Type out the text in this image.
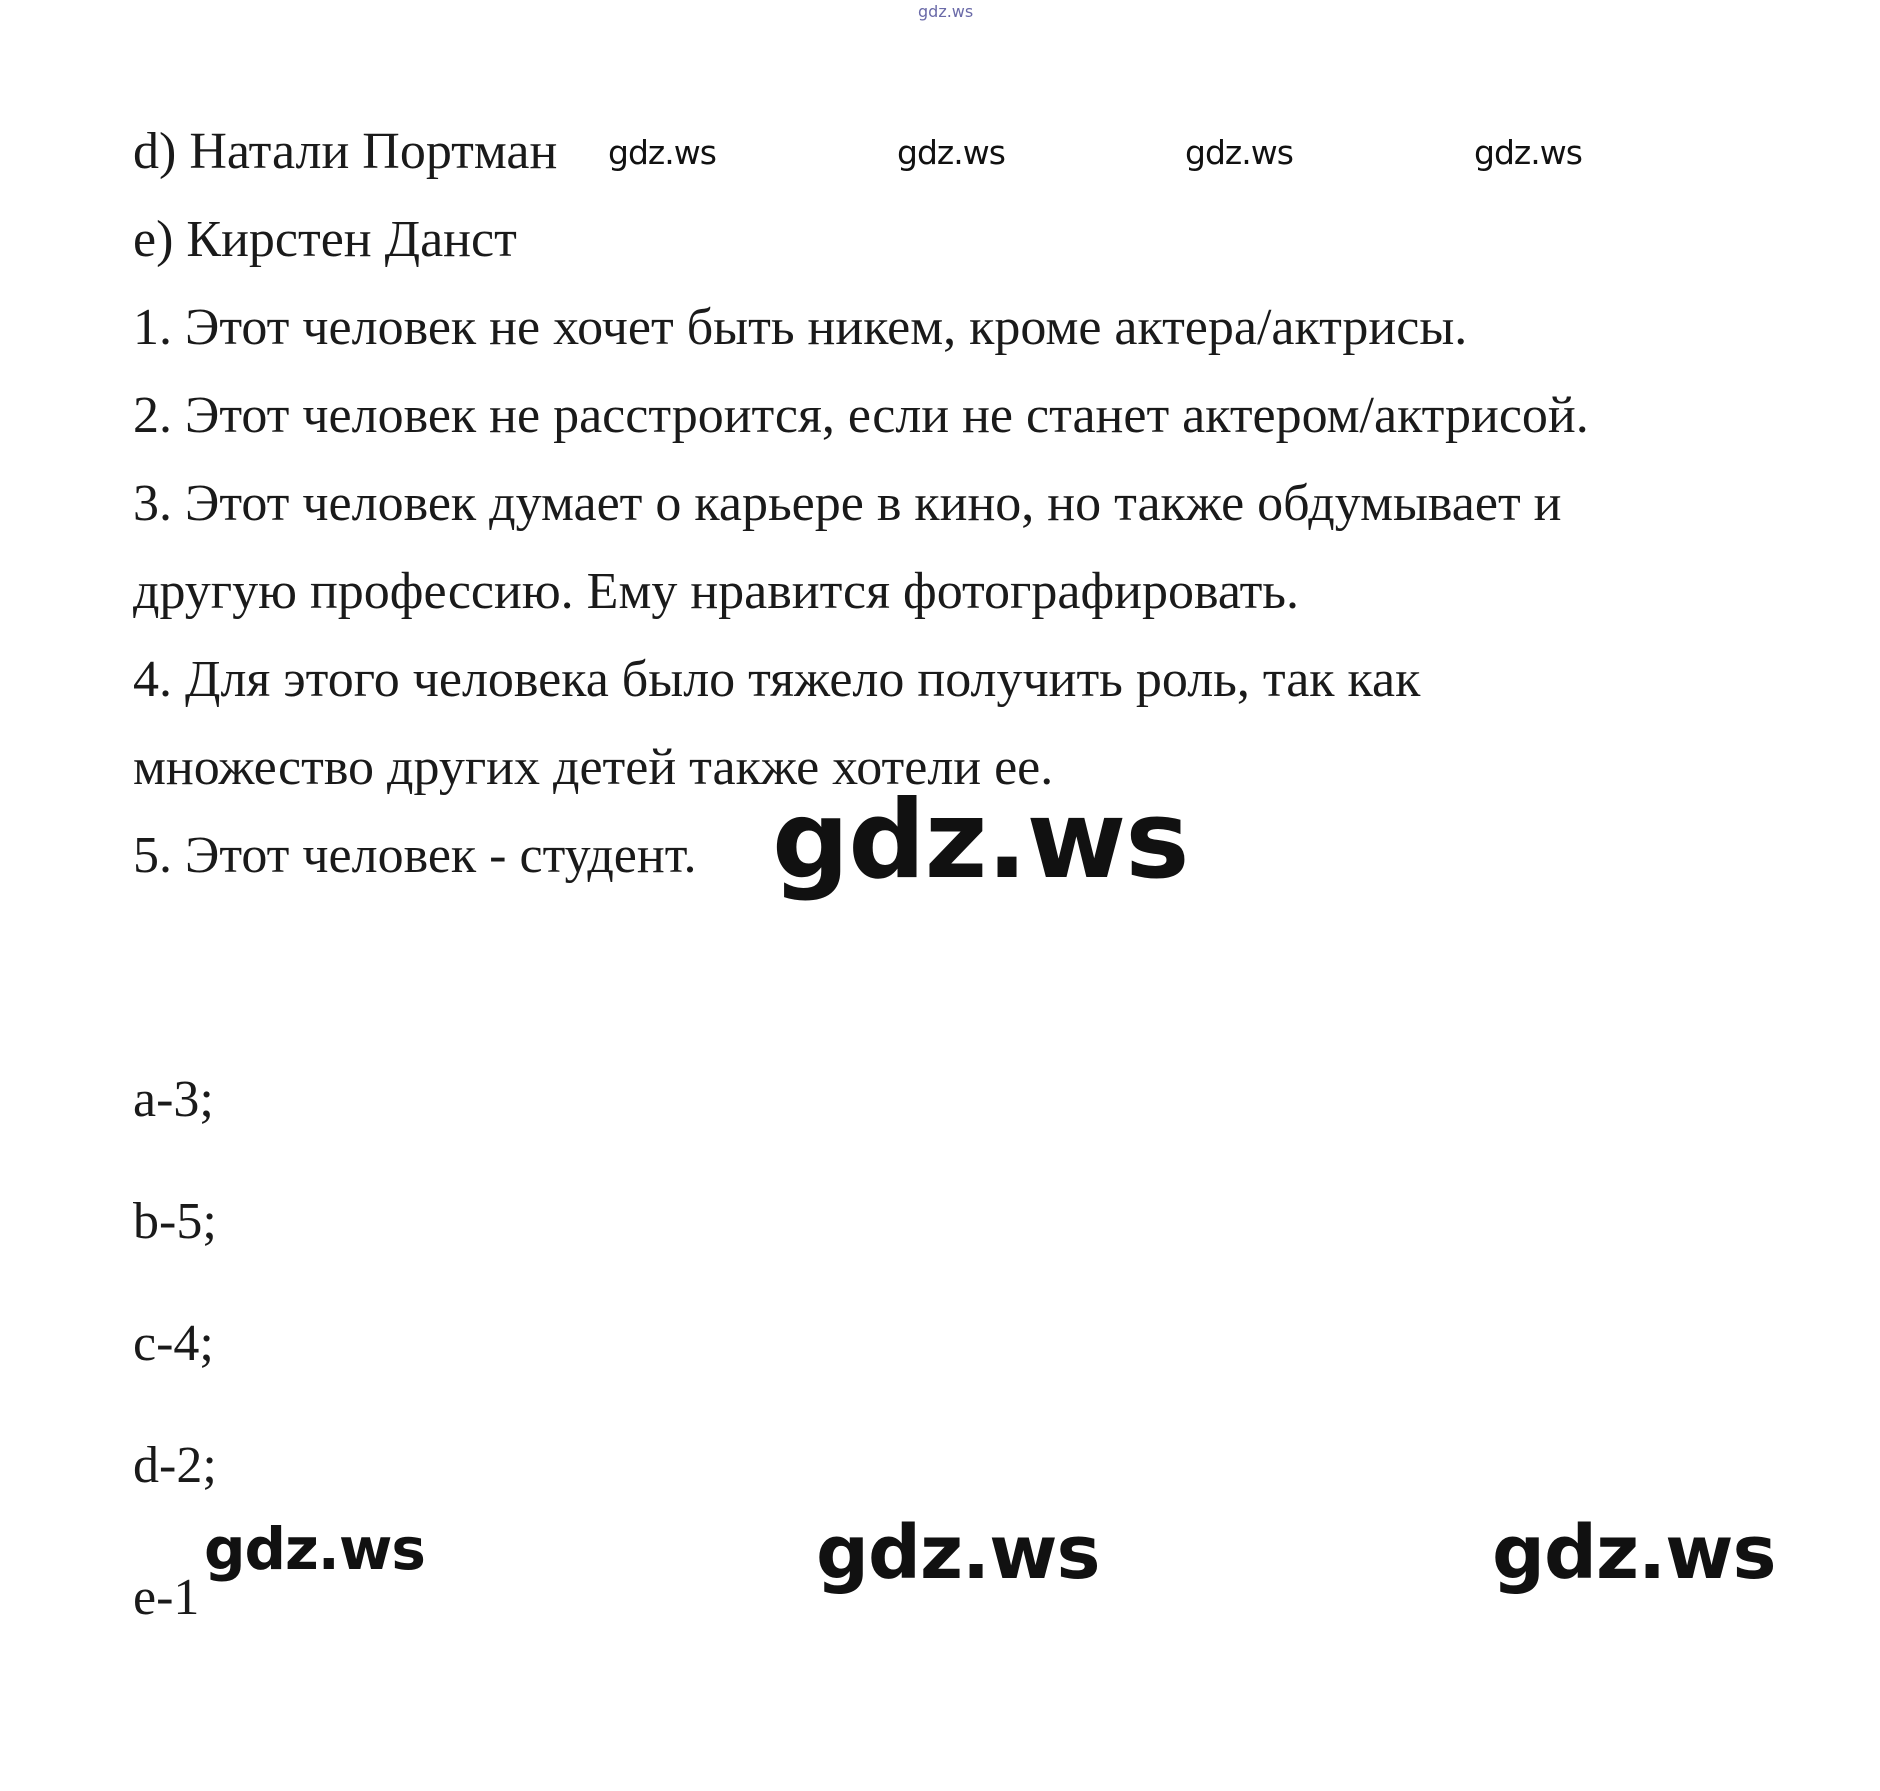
gdz.ws
d) Натали Портман
e) Кирстен Данст
1. Этот человек не хочет быть никем, кроме актера/актрисы.
2. Этот человек не расстроится, если не станет актером/актрисой.
3. Этот человек думает о карьере в кино, но также обдумывает и
другую профессию. Ему нравится фотографировать.
4. Для этого человека было тяжело получить роль, так как
множество других детей также хотели ее.
5. Этот человек - студент.
gdz.ws	gdz.ws	gdz.ws	gdz.ws
gdz.ws
a-3;
b-5;
c-4;
d-2;
e-1
gdz.ws	gdz.ws	gdz.ws
